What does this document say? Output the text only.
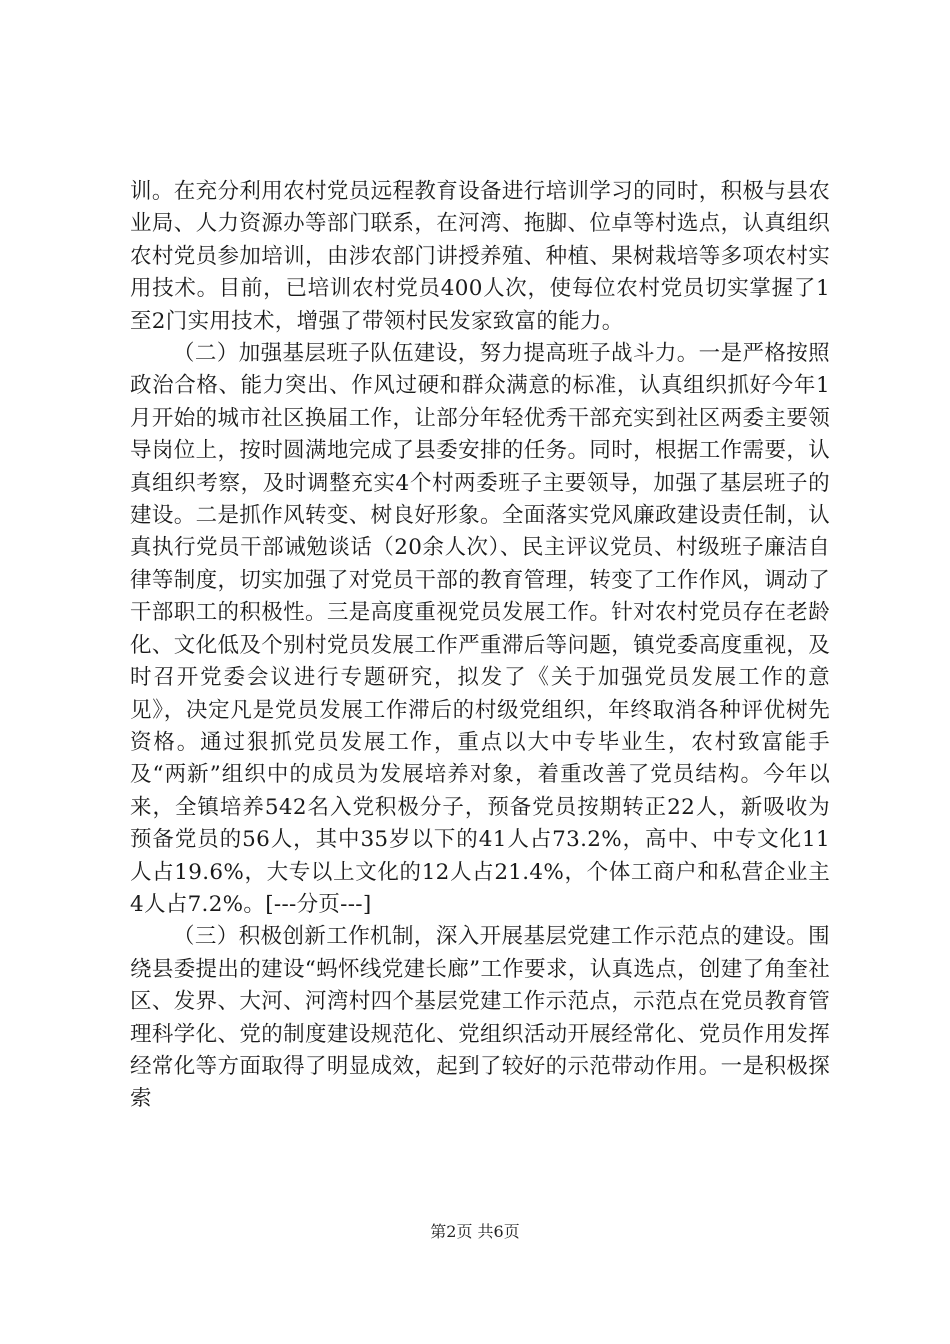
训。在充分利用农村党员远程教育设备进行培训学习的同时，积极与县农业局、人力资源办等部门联系，在河湾、拖脚、位卓等村选点，认真组织农村党员参加培训，由涉农部门讲授养殖、种植、果树栽培等多项农村实用技术。目前，已培训农村党员400人次，使每位农村党员切实掌握了1至2门实用技术，增强了带领村民发家致富的能力。

（二）加强基层班子队伍建设，努力提高班子战斗力。一是严格按照政治合格、能力突出、作风过硬和群众满意的标准，认真组织抓好今年1月开始的城市社区换届工作，让部分年轻优秀干部充实到社区两委主要领导岗位上，按时圆满地完成了县委安排的任务。同时，根据工作需要，认真组织考察，及时调整充实4个村两委班子主要领导，加强了基层班子的建设。二是抓作风转变、树良好形象。全面落实党风廉政建设责任制，认真执行党员干部诫勉谈话（20余人次）、民主评议党员、村级班子廉洁自律等制度，切实加强了对党员干部的教育管理，转变了工作作风，调动了干部职工的积极性。三是高度重视党员发展工作。针对农村党员存在老龄化、文化低及个别村党员发展工作严重滞后等问题，镇党委高度重视，及时召开党委会议进行专题研究，拟发了《关于加强党员发展工作的意见》，决定凡是党员发展工作滞后的村级党组织，年终取消各种评优树先资格。通过狠抓党员发展工作，重点以大中专毕业生，农村致富能手及“两新”组织中的成员为发展培养对象，着重改善了党员结构。今年以来，全镇培养542名入党积极分子，预备党员按期转正22人，新吸收为预备党员的56人，其中35岁以下的41人占73.2%，高中、中专文化11人占19.6%，大专以上文化的12人占21.4%，个体工商户和私营企业主4人占7.2%。[---分页---]

（三）积极创新工作机制，深入开展基层党建工作示范点的建设。围绕县委提出的建设“蚂怀线党建长廊”工作要求，认真选点，创建了角奎社区、发界、大河、河湾村四个基层党建工作示范点，示范点在党员教育管理科学化、党的制度建设规范化、党组织活动开展经常化、党员作用发挥经常化等方面取得了明显成效，起到了较好的示范带动作用。一是积极探索

第2页 共6页
